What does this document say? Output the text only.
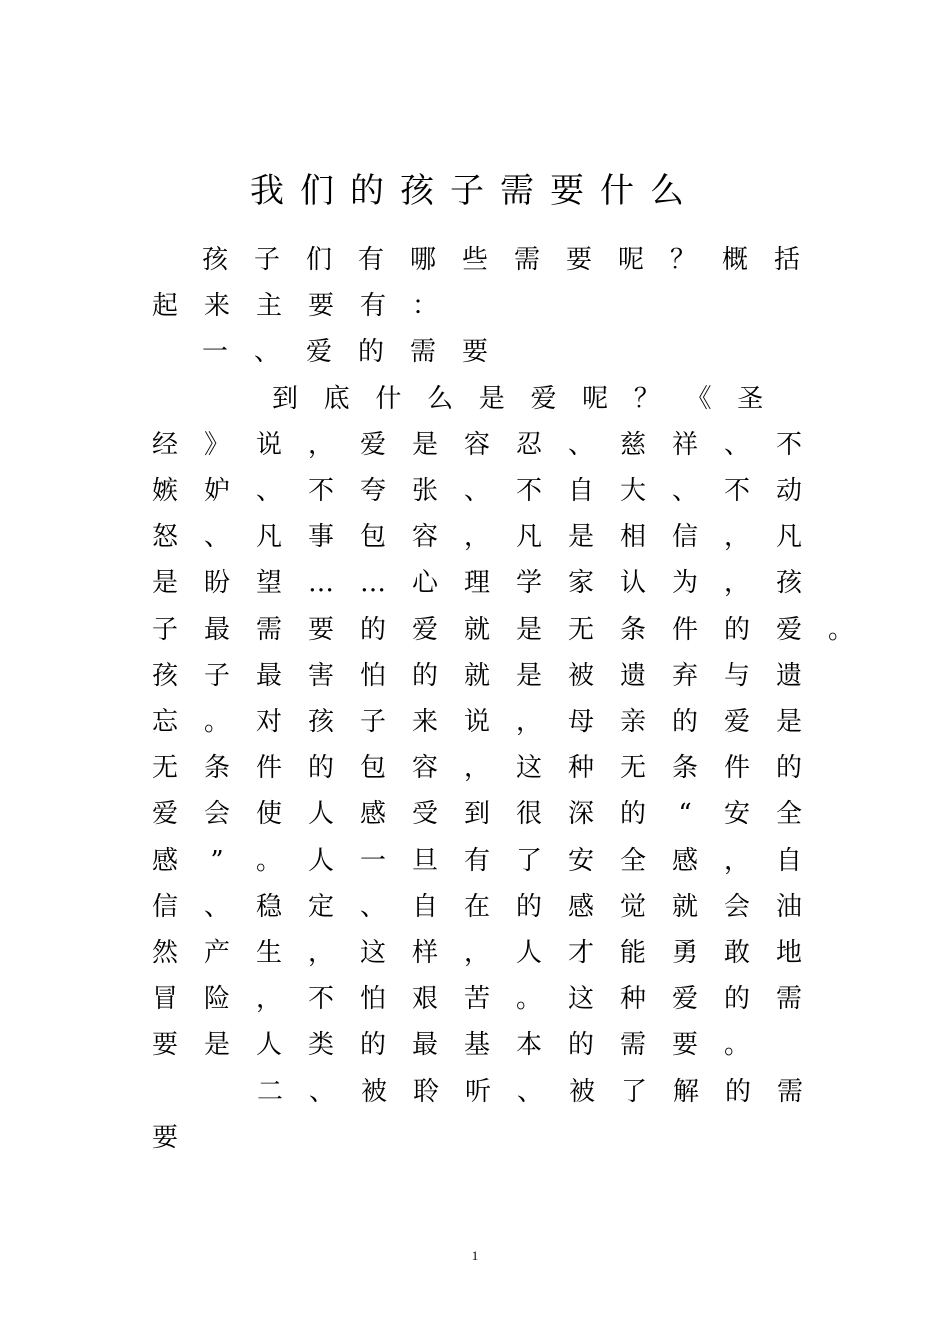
我们的孩子需要什么
孩 子 们 有 哪 些 需 要 呢 ？ 概 括
起 来 主 要 有 ：
一 、 爱 的 需 要
到 底 什 么 是 爱 呢 ？ 《 圣
经 》 说 ， 爱 是 容 忍 、 慈 祥 、 不
嫉 妒 、 不 夸 张 、 不 自 大 、 不 动
怒 、 凡 事 包 容 ， 凡 是 相 信 ， 凡
是 盼 望 … … 心 理 学 家 认 为 ， 孩
子 最 需 要 的 爱 就 是 无 条 件 的 爱 。
孩 子 最 害 怕 的 就 是 被 遗 弃 与 遗
忘 。 对 孩 子 来 说 ， 母 亲 的 爱 是
无 条 件 的 包 容 ， 这 种 无 条 件 的
爱 会 使 人 感 受 到 很 深 的	“	安 全
感	”	。 人 一 旦 有 了 安 全 感 ， 自
信 、 稳 定 、 自 在 的 感 觉 就 会 油
然 产 生 ， 这 样 ， 人 才 能 勇 敢 地
冒 险 ， 不 怕 艰 苦 。 这 种 爱 的 需
要 是 人 类 的 最 基 本 的 需 要 。
二 、 被 聆 听 、 被 了 解 的 需
要
1
